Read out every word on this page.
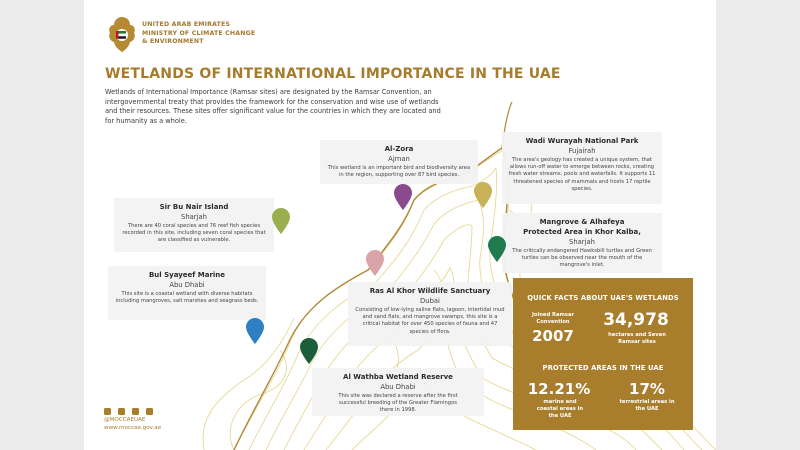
UNITED ARAB EMIRATES
MINISTRY OF CLIMATE CHANGE
& ENVIRONMENT
WETLANDS OF INTERNATIONAL IMPORTANCE IN THE UAE
Wetlands of International Importance (Ramsar sites) are designated by the Ramsar Convention, an intergovernmental treaty that provides the framework for the conservation and wise use of wetlands and their resources. These sites offer significant value for the countries in which they are located and for humanity as a whole.
Al-Zora
Ajman
This wetland is an important bird and biodiversity area in the region, supporting over 87 bird species.
Wadi Wurayah National Park
Fujairah
The area's geology has created a unique system, that allows run-off water to emerge between rocks, creating fresh water streams, pools and waterfalls. It supports 11 threatened species of mammals and hosts 17 reptile species.
Sir Bu Nair Island
Sharjah
There are 40 coral species and 76 reef fish species recorded in this site, including seven coral species that are classified as vulnerable.
Mangrove & Alhafeya Protected Area in Khor Kalba,
Sharjah
The critically endangered Hawksbill turtles and Green turtles can be observed near the mouth of the mangrove's inlet.
Bul Syayeef Marine
Abu Dhabi
This site is a coastal wetland with diverse habitats including mangroves, salt marshes and seagrass beds.
Ras Al Khor Wildlife Sanctuary
Dubai
Consisting of low-lying saline flats, lagoon, intertidal mud and sand flats, and mangrove swamps, this site is a critical habitat for over 450 species of fauna and 47 species of flora.
Al Wathba Wetland Reserve
Abu Dhabi
This site was declared a reserve after the first successful breeding of the Greater Flamingos there in 1998.
QUICK FACTS ABOUT UAE'S WETLANDS
Joined Ramsar Convention
2007
34,978
hectares and Seven Ramsar sites
PROTECTED AREAS IN THE UAE
12.21%
marine and coastal areas in the UAE
17%
terrestrial areas in the UAE

@MOCCAEUAE
www.moccae.gov.ae
